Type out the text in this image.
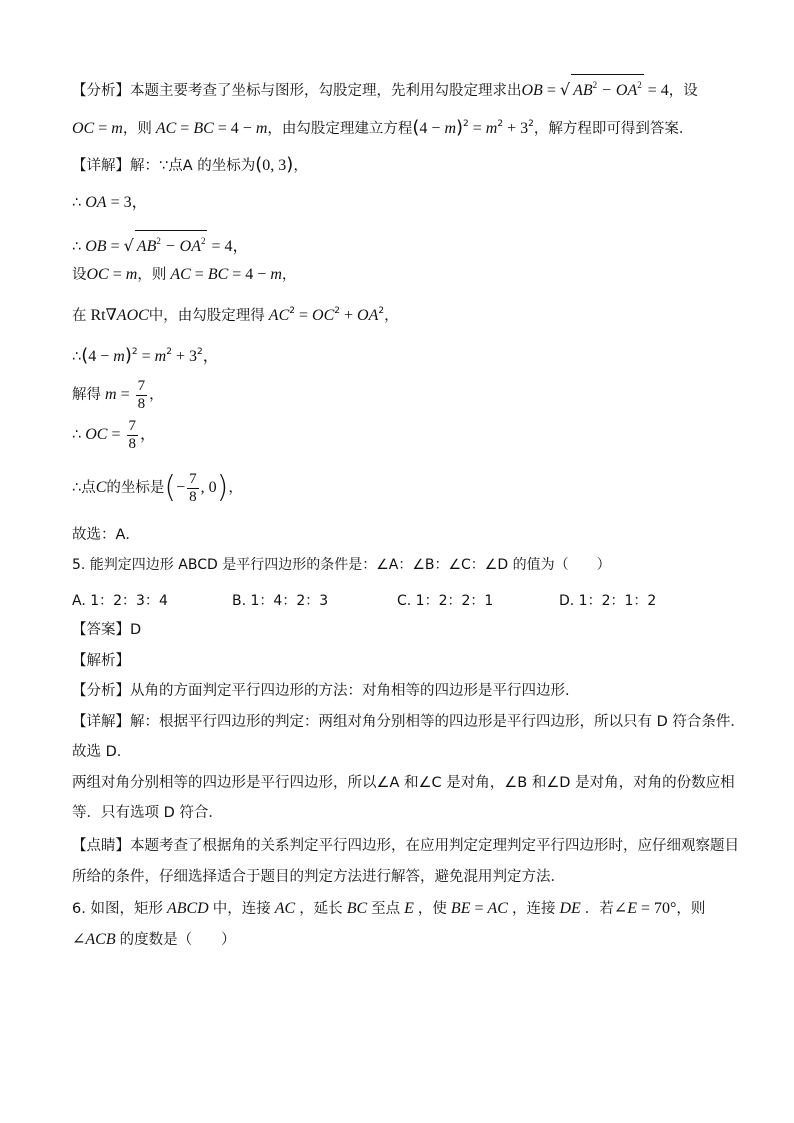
【分析】本题主要考查了坐标与图形，勾股定理，先利用勾股定理求出OB = √ $AB^2 - OA^2 = 4$，设
OC = m，则 AC = BC = 4 − m，由勾股定理建立方程$(4 - m)^2 = m^2 + 3^2$，解方程即可得到答案．
【详解】解：∵点A 的坐标为(0, 3)，
∴ OA = 3，
∴ OB = √ $AB^2 - OA^2 = 4$，
设OC = m，则 AC = BC = 4 − m，
在 Rt∇AOC中，由勾股定理得 $AC^2 = OC^2 + OA^2$，
∴(4 − $m)^2 = m^2 + 3^2$，
解得 $m = \frac{7}{8}$ ，
∴ OC = $\frac{7}{8}$ ，
∴点C的坐标是(− $\frac{7}{8}$ , 0)，
故选：A．
5. 能判定四边形 ABCD 是平行四边形的条件是：∠A：∠B：∠C：∠D 的值为（　　）
A. 1：2：3：4	B. 1：4：2：3	C. 1：2：2：1	D. 1：2：1：2
【答案】D
【解析】
【分析】从角的方面判定平行四边形的方法：对角相等的四边形是平行四边形.
【详解】解：根据平行四边形的判定：两组对角分别相等的四边形是平行四边形，所以只有 D 符合条件．
故选 D.
两组对角分别相等的四边形是平行四边形，所以∠A 和∠C 是对角，∠B 和∠D 是对角，对角的份数应相
等．只有选项 D 符合．
【点睛】本题考查了根据角的关系判定平行四边形，在应用判定定理判定平行四边形时，应仔细观察题目
所给的条件，仔细选择适合于题目的判定方法进行解答，避免混用判定方法．
6. 如图，矩形 ABCD 中，连接 AC ，延长 BC 至点 E ，使 BE = AC ，连接 DE ．若∠E = 70°，则
∠ACB 的度数是（　　）
